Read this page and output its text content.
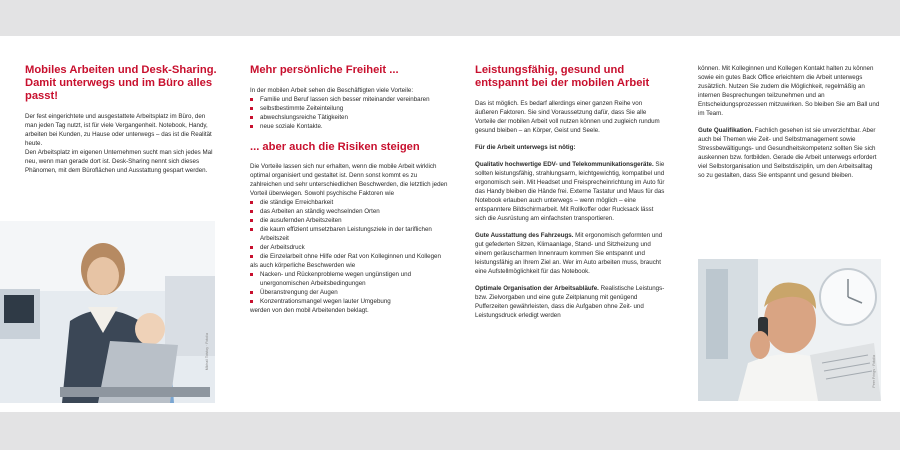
Mobiles Arbeiten und Desk-Sharing. Damit unterwegs und im Büro alles passt!

Der fest eingerichtete und ausgestattete Arbeitsplatz im Büro, den man jeden Tag nutzt, ist für viele Vergangenheit. Notebook, Handy, arbeiten bei Kunden, zu Hause oder unterwegs – das ist die Realität heute.

Den Arbeitsplatz im eigenen Unternehmen sucht man sich jedes Mal neu, wenn man gerade dort ist. Desk-Sharing nennt sich dieses Phänomen, mit dem Büroflächen und Ausstattung gespart werden.

Mikhail Tolstoy · Fotolia
Mehr persönliche Freiheit ...

In der mobilen Arbeit sehen die Beschäftigten viele Vorteile:

Familie und Beruf lassen sich besser miteinander vereinbaren
selbstbestimmte Zeiteinteilung
abwechslungsreiche Tätigkeiten
neue soziale Kontakte.
... aber auch die Risiken steigen

Die Vorteile lassen sich nur erhalten, wenn die mobile Arbeit wirklich optimal organisiert und gestaltet ist. Denn sonst kommt es zu zahlreichen und sehr unterschiedlichen Beschwerden, die letztlich jeden Vorteil überwiegen. Sowohl psychische Faktoren wie

die ständige Erreichbarkeit
das Arbeiten an ständig wechselnden Orten
die ausufernden Arbeitszeiten
die kaum effizient umsetzbaren Leistungsziele in der tariflichen Arbeitszeit
der Arbeitsdruck
die Einzelarbeit ohne Hilfe oder Rat von Kolleginnen und Kollegen

als auch körperliche Beschwerden wie

Nacken- und Rückenprobleme wegen ungünstigen und unergonomischen Arbeitsbedingungen
Überanstrengung der Augen
Konzentrationsmangel wegen lauter Umgebung

werden von den mobil Arbeitenden beklagt.

Leistungsfähig, gesund und entspannt bei der mobilen Arbeit

Das ist möglich. Es bedarf allerdings einer ganzen Reihe von äußeren Faktoren. Sie sind Voraussetzung dafür, dass Sie alle Vorteile der mobilen Arbeit voll nutzen können und zugleich rundum gesund bleiben – an Körper, Geist und Seele.

Für die Arbeit unterwegs ist nötig:

Qualitativ hochwertige EDV- und Telekommunikationsgeräte. Sie sollten leistungsfähig, strahlungsarm, leichtgewichtig, kompatibel und ergonomisch sein. Mit Headset und Freisprecheinrichtung im Auto für das Handy bleiben die Hände frei. Externe Tastatur und Maus für das Notebook erlauben auch unterwegs – wenn möglich – eine entspanntere Bildschirmarbeit. Mit Rollkoffer oder Rucksack lässt sich die Ausrüstung am einfachsten transportieren.

Gute Ausstattung des Fahrzeugs. Mit ergonomisch geformten und gut gefederten Sitzen, Klimaanlage, Stand- und Sitzheizung und einem geräuscharmen Innenraum kommen Sie entspannt und leistungsfähig an Ihrem Ziel an. Wer im Auto arbeiten muss, braucht eine Aufstellmöglichkeit für das Notebook.

Optimale Organisation der Arbeitsabläufe. Realistische Leistungs- bzw. Zielvorgaben und eine gute Zeitplanung mit genügend Pufferzeiten gewährleisten, dass die Aufgaben ohne Zeit- und Leistungsdruck erledigt werden

können. Mit Kolleginnen und Kollegen Kontakt halten zu können sowie ein gutes Back Office erleichtern die Arbeit unterwegs zusätzlich. Nutzen Sie zudem die Möglichkeit, regelmäßig an internen Besprechungen teilzunehmen und an Entscheidungsprozessen mitzuwirken. So bleiben Sie am Ball und im Team.

Gute Qualifikation. Fachlich gesehen ist sie unverzichtbar. Aber auch bei Themen wie Zeit- und Selbstmanagement sowie Stressbewältigungs- und Gesundheitskompetenz sollten Sie sich auskennen bzw. fortbilden. Gerade die Arbeit unterwegs erfordert viel Selbstorganisation und Selbstdisziplin, um den Arbeitsalltag so zu gestalten, dass Sie entspannt und gesund bleiben.

Peer Frings · Fotolia
